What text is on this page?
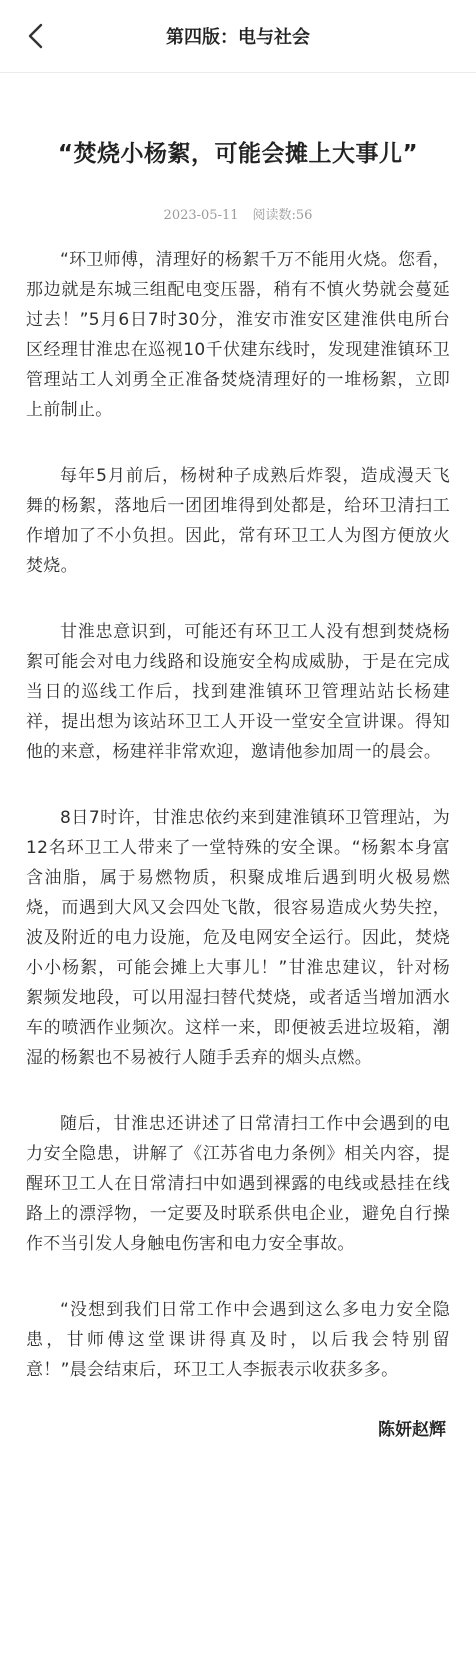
第四版：电与社会
“焚烧小杨絮，可能会摊上大事儿”
2023-05-11 阅读数:56

“环卫师傅，清理好的杨絮千万不能用火烧。您看，那边就是东城三组配电变压器，稍有不慎火势就会蔓延过去！”5月6日7时30分，淮安市淮安区建淮供电所台区经理甘淮忠在巡视10千伏建东线时，发现建淮镇环卫管理站工人刘勇全正准备焚烧清理好的一堆杨絮，立即上前制止。

每年5月前后，杨树种子成熟后炸裂，造成漫天飞舞的杨絮，落地后一团团堆得到处都是，给环卫清扫工作增加了不小负担。因此，常有环卫工人为图方便放火焚烧。

甘淮忠意识到，可能还有环卫工人没有想到焚烧杨絮可能会对电力线路和设施安全构成威胁，于是在完成当日的巡线工作后，找到建淮镇环卫管理站站长杨建祥，提出想为该站环卫工人开设一堂安全宣讲课。得知他的来意，杨建祥非常欢迎，邀请他参加周一的晨会。

8日7时许，甘淮忠依约来到建淮镇环卫管理站，为12名环卫工人带来了一堂特殊的安全课。“杨絮本身富含油脂，属于易燃物质，积聚成堆后遇到明火极易燃烧，而遇到大风又会四处飞散，很容易造成火势失控，波及附近的电力设施，危及电网安全运行。因此，焚烧小小杨絮，可能会摊上大事儿！”甘淮忠建议，针对杨絮频发地段，可以用湿扫替代焚烧，或者适当增加洒水车的喷洒作业频次。这样一来，即便被丢进垃圾箱，潮湿的杨絮也不易被行人随手丢弃的烟头点燃。

随后，甘淮忠还讲述了日常清扫工作中会遇到的电力安全隐患，讲解了《江苏省电力条例》相关内容，提醒环卫工人在日常清扫中如遇到裸露的电线或悬挂在线路上的漂浮物，一定要及时联系供电企业，避免自行操作不当引发人身触电伤害和电力安全事故。

“没想到我们日常工作中会遇到这么多电力安全隐患，甘师傅这堂课讲得真及时，以后我会特别留意！”晨会结束后，环卫工人李振表示收获多多。

陈妍赵辉
